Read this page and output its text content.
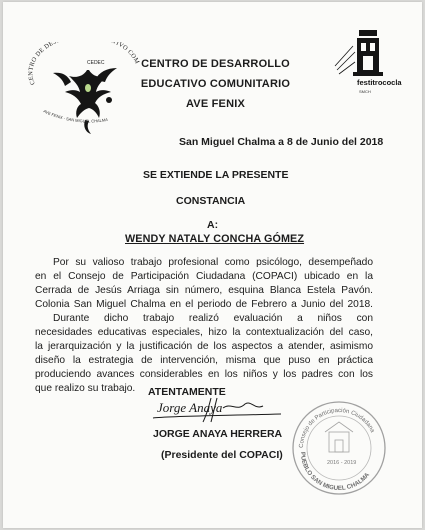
CENTRO DE DES IVO COM
CEDEC
AVE FENIX - SAN MIGUEL CHALMA
CENTRO DE DESARROLLO
EDUCATIVO COMUNITARIO
AVE FENIX
festitrococla
SMCH
San Miguel Chalma a 8 de Junio del 2018
SE EXTIENDE LA PRESENTE
CONSTANCIA
A:
WENDY NATALY CONCHA GÓMEZ
Por su valioso trabajo profesional como psicólogo, desempeñado
en el Consejo de Participación Ciudadana (COPACI) ubicado en la
Cerrada de Jesús Arriaga sin número, esquina Blanca Estela Pavón.
Colonia San Miguel Chalma en el periodo de Febrero a Junio del 2018.
Durante dicho trabajo realizó evaluación a niños con
necesidades educativas especiales, hizo la contextualización del caso,
la jerarquización y la justificación de los aspectos a atender, asimismo
diseño la estrategia de intervención, misma que puso en práctica
produciendo avances considerables en los niños y los padres con los
que realizo su trabajo.	ATENTAMENTE
Jorge Anaya
JORGE ANAYA HERRERA
(Presidente del COPACI)
Consejo de Participación Ciudadana
PUEBLO SAN MIGUEL CHALMA
2016 - 2019
